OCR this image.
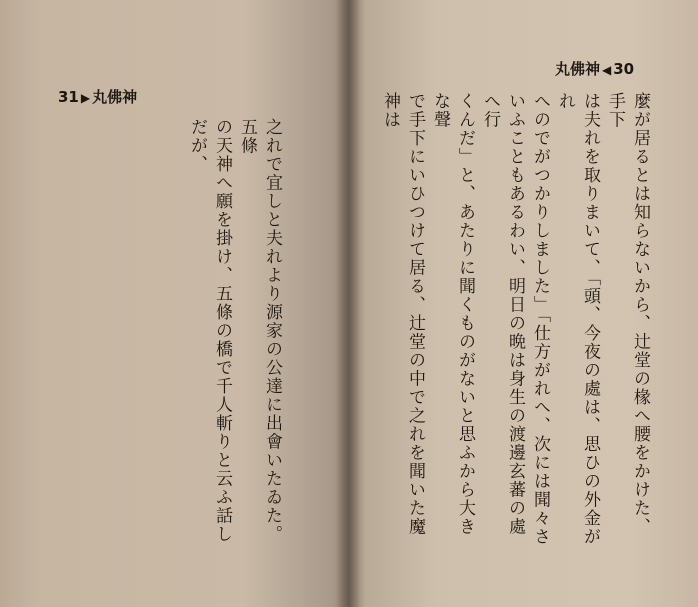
31 ▶ 丸佛神
之れで宜しと夫れより源家の公達に出會いたゐた。五條
の天神へ願を掛け、五條の橋で千人斬りと云ふ話しだが、
丸佛神 ◀ 30
麼が居るとは知らないから、辻堂の椽へ腰をかけた、手下
は夫れを取りまいて、「頭、今夜の處は、思ひの外金がれ
へのでがつかりしました」「仕方がれへ、次には聞々さ
いふこともあるわい、明日の晩は身生の渡邊玄蕃の處へ行
くんだ」と、あたりに聞くものがないと思ふから大きな聲
で手下にいひつけて居る、辻堂の中で之れを聞いた魔神は
